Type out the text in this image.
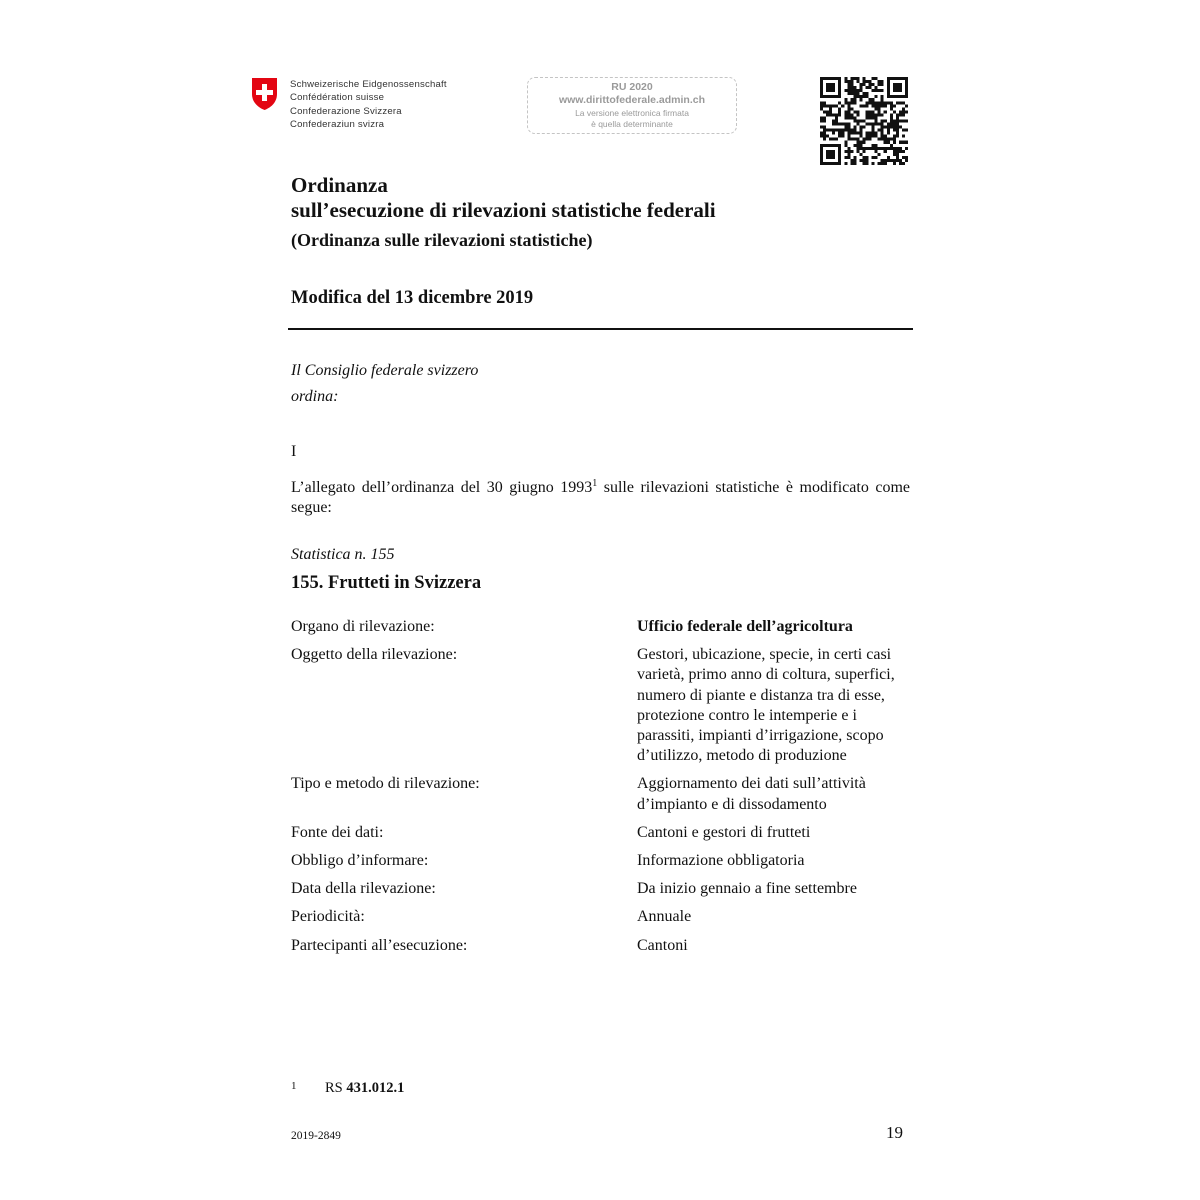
Schweizerische Eidgenossenschaft
Confédération suisse
Confederazione Svizzera
Confederaziun svizra
RU 2020
www.dirittofederale.admin.ch
La versione elettronica firmata
è quella determinante
Ordinanza
sull’esecuzione di rilevazioni statistiche federali
(Ordinanza sulle rilevazioni statistiche)
Modifica del 13 dicembre 2019
Il Consiglio federale svizzero
ordina:
I
L’allegato dell’ordinanza del 30 giugno 1993$^1$ sulle rilevazioni statistiche è modificato come segue:
Statistica n. 155
155. Frutteti in Svizzera
Organo di rilevazione:	Ufficio federale dell’agricoltura
Oggetto della rilevazione:	Gestori, ubicazione, specie, in certi casi varietà, primo anno di coltura, superfici, numero di piante e distanza tra di esse, protezione contro le intemperie e i parassiti, impianti d’irrigazione, scopo d’utilizzo, metodo di produzione
Tipo e metodo di rilevazione:	Aggiornamento dei dati sull’attività d’impianto e di dissodamento
Fonte dei dati:	Cantoni e gestori di frutteti
Obbligo d’informare:	Informazione obbligatoria
Data della rilevazione:	Da inizio gennaio a fine settembre
Periodicità:	Annuale
Partecipanti all’esecuzione:	Cantoni
1 RS 431.012.1
2019-2849	19
